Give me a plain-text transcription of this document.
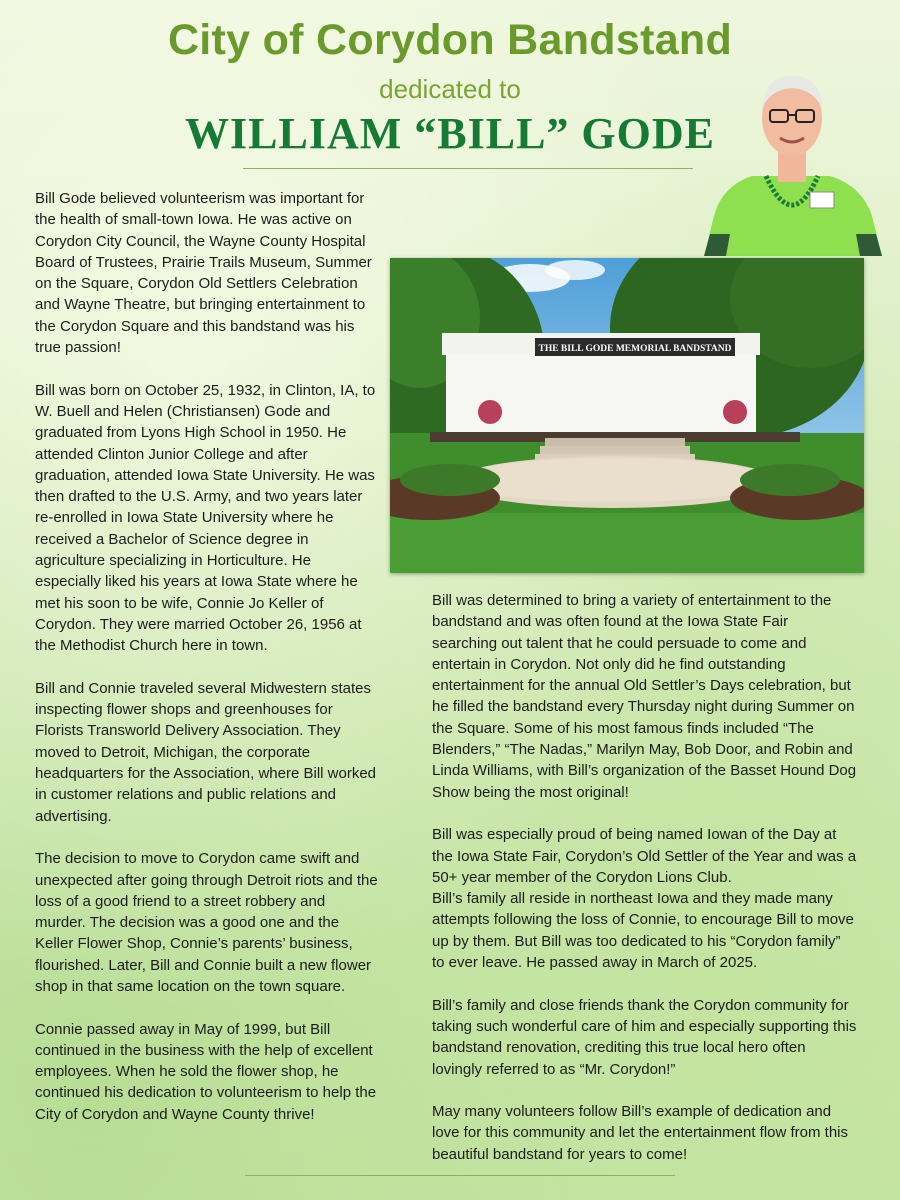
City of Corydon Bandstand
dedicated to
WILLIAM “BILL” GODE
THE BILL GODE MEMORIAL BANDSTAND

Bill Gode believed volunteerism was important for the health of small-town Iowa. He was active on Corydon City Council, the Wayne County Hospital Board of Trustees, Prairie Trails Museum, Summer on the Square, Corydon Old Settlers Celebration and Wayne Theatre, but bringing entertainment to the Corydon Square and this bandstand was his true passion!

Bill was born on October 25, 1932, in Clinton, IA, to W. Buell and Helen (Christiansen) Gode and graduated from Lyons High School in 1950. He attended Clinton Junior College and after graduation, attended Iowa State University. He was then drafted to the U.S. Army, and two years later re-enrolled in Iowa State University where he received a Bachelor of Science degree in agriculture specializing in Horticulture. He especially liked his years at Iowa State where he met his soon to be wife, Connie Jo Keller of Corydon. They were married October 26, 1956 at the Methodist Church here in town.

Bill and Connie traveled several Midwestern states inspecting flower shops and greenhouses for Florists Transworld Delivery Association. They moved to Detroit, Michigan, the corporate headquarters for the Association, where Bill worked in customer relations and public relations and advertising.

The decision to move to Corydon came swift and unexpected after going through Detroit riots and the loss of a good friend to a street robbery and murder. The decision was a good one and the Keller Flower Shop, Connie’s parents’ business, flourished. Later, Bill and Connie built a new flower shop in that same location on the town square.

Connie passed away in May of 1999, but Bill continued in the business with the help of excellent employees. When he sold the flower shop, he continued his dedication to volunteerism to help the City of Corydon and Wayne County thrive!

Bill was determined to bring a variety of entertainment to the bandstand and was often found at the Iowa State Fair searching out talent that he could persuade to come and entertain in Corydon. Not only did he find outstanding entertainment for the annual Old Settler’s Days celebration, but he filled the bandstand every Thursday night during Summer on the Square. Some of his most famous finds included “The Blenders,” “The Nadas,” Marilyn May, Bob Door, and Robin and Linda Williams, with Bill’s organization of the Basset Hound Dog Show being the most original!

Bill was especially proud of being named Iowan of the Day at the Iowa State Fair, Corydon’s Old Settler of the Year and was a 50+ year member of the Corydon Lions Club.

Bill’s family all reside in northeast Iowa and they made many attempts following the loss of Connie, to encourage Bill to move up by them. But Bill was too dedicated to his “Corydon family” to ever leave. He passed away in March of 2025.

Bill’s family and close friends thank the Corydon community for taking such wonderful care of him and especially supporting this bandstand renovation, crediting this true local hero often lovingly referred to as “Mr. Corydon!”

May many volunteers follow Bill’s example of dedication and love for this community and let the entertainment flow from this beautiful bandstand for years to come!
